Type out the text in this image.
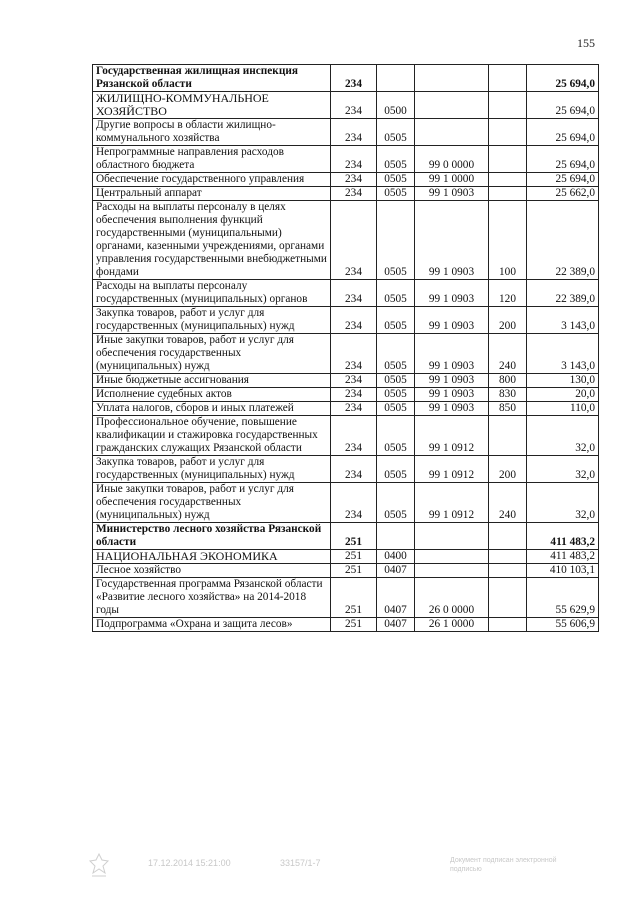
155
Государственная жилищная инспекция Рязанской области	234				25 694,0
ЖИЛИЩНО-КОММУНАЛЬНОЕ ХОЗЯЙСТВО	234	0500			25 694,0
Другие вопросы в области жилищно-коммунального хозяйства	234	0505			25 694,0
Непрограммные направления расходов областного бюджета	234	0505	99 0 0000		25 694,0
Обеспечение государственного управления	234	0505	99 1 0000		25 694,0
Центральный аппарат	234	0505	99 1 0903		25 662,0
Расходы на выплаты персоналу в целях обеспечения выполнения функций государственными (муниципальными) органами, казенными учреждениями, органами управления государственными внебюджетными фондами	234	0505	99 1 0903	100	22 389,0
Расходы на выплаты персоналу государственных (муниципальных) органов	234	0505	99 1 0903	120	22 389,0
Закупка товаров, работ и услуг для государственных (муниципальных) нужд	234	0505	99 1 0903	200	3 143,0
Иные закупки товаров, работ и услуг для обеспечения государственных (муниципальных) нужд	234	0505	99 1 0903	240	3 143,0
Иные бюджетные ассигнования	234	0505	99 1 0903	800	130,0
Исполнение судебных актов	234	0505	99 1 0903	830	20,0
Уплата налогов, сборов и иных платежей	234	0505	99 1 0903	850	110,0
Профессиональное обучение, повышение квалификации и стажировка государственных гражданских служащих Рязанской области	234	0505	99 1 0912		32,0
Закупка товаров, работ и услуг для государственных (муниципальных) нужд	234	0505	99 1 0912	200	32,0
Иные закупки товаров, работ и услуг для обеспечения государственных (муниципальных) нужд	234	0505	99 1 0912	240	32,0
Министерство лесного хозяйства Рязанской области	251				411 483,2
НАЦИОНАЛЬНАЯ ЭКОНОМИКА	251	0400			411 483,2
Лесное хозяйство	251	0407			410 103,1
Государственная программа Рязанской области «Развитие лесного хозяйства» на 2014-2018 годы	251	0407	26 0 0000		55 629,9
Подпрограмма «Охрана и защита лесов»	251	0407	26 1 0000		55 606,9
17.12.2014 15:21:00	33157/1-7	Документ подписан электронной подписью
